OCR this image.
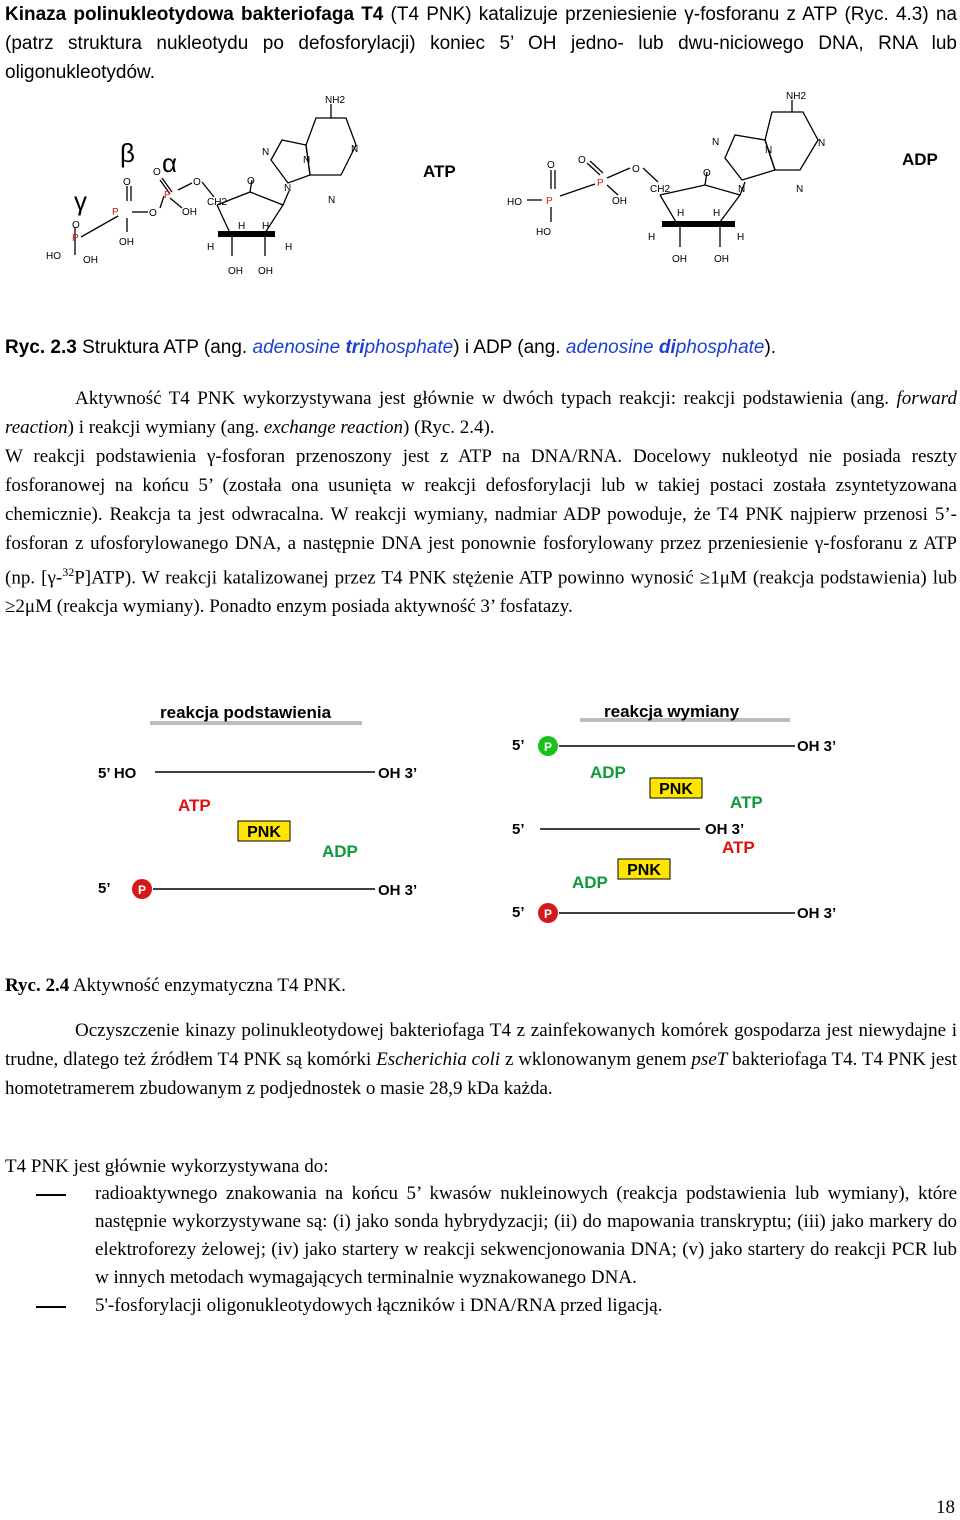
Kinaza polinukleotydowa bakteriofaga T4 (T4 PNK) katalizuje przeniesienie γ-fosforanu z ATP (Ryc. 4.3) na (patrz struktura nukleotydu po defosforylacji) koniec 5’ OH jedno- lub dwu-niciowego DNA, RNA lub oligonukleotydów.

β α
γ
ATP
ADP
NH2
N	N
N
N
N
O	O
O
O
O
O
P
P
P
OH
OH
OH
HO
OH OH
CH2
H
H H
H
NH2
N	N
N
N
N
O
O	O
O
P
P
HO
HO
OH
CH2
H
H	H
H
OH	OH
Ryc. 2.3 Struktura ATP (ang. adenosine triphosphate) i ADP (ang. adenosine diphosphate).

Aktywność T4 PNK wykorzystywana jest głównie w dwóch typach reakcji: reakcji podstawienia (ang. forward reaction) i reakcji wymiany (ang. exchange reaction) (Ryc. 2.4).
W reakcji podstawienia γ-fosforan przenoszony jest z ATP na DNA/RNA. Docelowy nukleotyd nie posiada reszty fosforanowej na końcu 5’ (została ona usunięta w reakcji defosforylacji lub w takiej postaci została zsyntetyzowana chemicznie). Reakcja ta jest odwracalna. W reakcji wymiany, nadmiar ADP powoduje, że T4 PNK najpierw przenosi 5’-fosforan z ufosforylowanego DNA, a następnie DNA jest ponownie fosforylowany przez przeniesienie γ-fosforanu z ATP (np. [γ-$^{32}$P]ATP). W reakcji katalizowanej przez T4 PNK stężenie ATP powinno wynosić ≥1μM (reakcja podstawienia) lub ≥2μM (reakcja wymiany). Ponadto enzym posiada aktywność 3’ fosfatazy.

reakcja podstawienia
5’ HO	OH 3’
ATP
PNK
ADP
5’ P	OH 3’
reakcja wymiany
5’ P	OH 3’
ADP
PNK
ATP
5’	OH 3’
ATP
PNK
ADP
5’ P	OH 3’
Ryc. 2.4 Aktywność enzymatyczna T4 PNK.

Oczyszczenie kinazy polinukleotydowej bakteriofaga T4 z zainfekowanych komórek gospodarza jest niewydajne i trudne, dlatego też źródłem T4 PNK są komórki Escherichia coli z wklonowanym genem pseT bakteriofaga T4. T4 PNK jest homotetramerem zbudowanym z podjednostek o masie 28,9 kDa każda.

T4 PNK jest głównie wykorzystywana do:
radioaktywnego znakowania na końcu 5’ kwasów nukleinowych (reakcja podstawienia lub wymiany), które następnie wykorzystywane są: (i) jako sonda hybrydyzacji; (ii) do mapowania transkryptu; (iii) jako markery do elektroforezy żelowej; (iv) jako startery w reakcji sekwencjonowania DNA; (v) jako startery do reakcji PCR lub w innych metodach wymagających terminalnie wyznakowanego DNA.
5'-fosforylacji oligonukleotydowych łączników i DNA/RNA przed ligacją.
18
